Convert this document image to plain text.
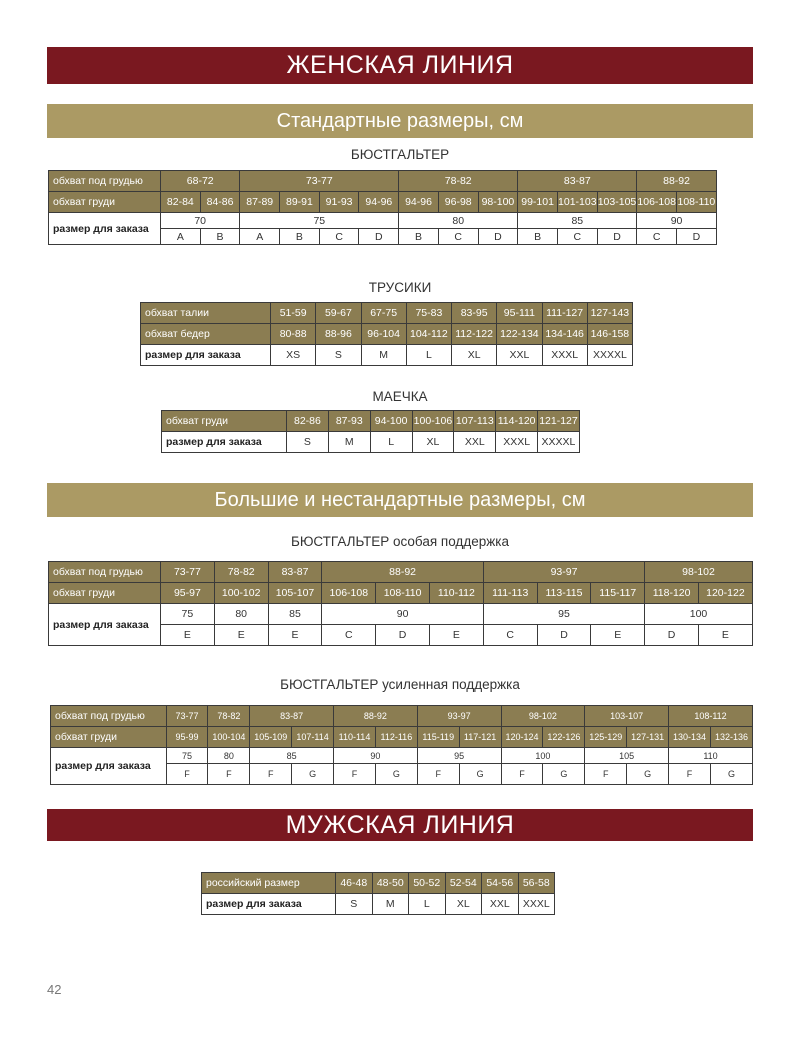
ЖЕНСКАЯ ЛИНИЯ
Стандартные размеры, см
БЮСТГАЛЬТЕР
обхват под грудью	68-72		73-77				78-82			83-87			88-92	
обхват груди	82-84	84-86	87-89	89-91	91-93	94-96	94-96	96-98	98-100	99-101	101-103	103-105	106-108	108-110
размер для заказа	70		75				80			85			90	
	A	B	A	B	C	D	B	C	D	B	C	D	C	D
ТРУСИКИ
обхват талии	51-59	59-67	67-75	75-83	83-95	95-111	111-127	127-143
обхват бедер	80-88	88-96	96-104	104-112	112-122	122-134	134-146	146-158
размер для заказа	XS	S	M	L	XL	XXL	XXXL	XXXXL
МАЕЧКА
обхват груди	82-86	87-93	94-100	100-106	107-113	114-120	121-127
размер для заказа	S	M	L	XL	XXL	XXXL	XXXXL
Большие и нестандартные размеры, см
БЮСТГАЛЬТЕР особая поддержка
обхват под грудью	73-77	78-82	83-87	88-92			93-97			98-102	
обхват груди	95-97	100-102	105-107	106-108	108-110	110-112	111-113	113-115	115-117	118-120	120-122
размер для заказа	75	80	85	90			95			100	
	E	E	E	C	D	E	C	D	E	D	E
БЮСТГАЛЬТЕР усиленная поддержка
обхват под грудью	73-77	78-82	83-87		88-92		93-97		98-102		103-107		108-112	
обхват груди	95-99	100-104	105-109	107-114	110-114	112-116	115-119	117-121	120-124	122-126	125-129	127-131	130-134	132-136
размер для заказа	75	80	85		90		95		100		105		110	
	F	F	F	G	F	G	F	G	F	G	F	G	F	G
МУЖСКАЯ ЛИНИЯ
российский размер	46-48	48-50	50-52	52-54	54-56	56-58
размер для заказа	S	M	L	XL	XXL	XXXL
42
